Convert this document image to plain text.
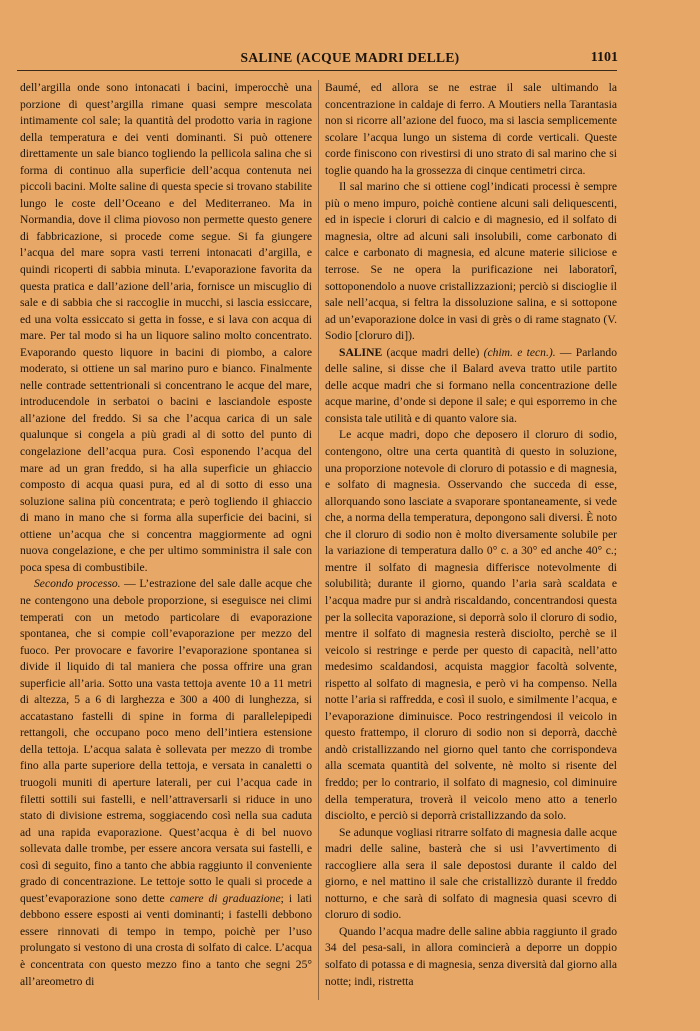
SALINE (ACQUE MADRI DELLE)	1101

dell’argilla onde sono intonacati i bacini, imperocchè una porzione di quest’argilla rimane quasi sempre mescolata intimamente col sale; la quantità del prodotto varia in ragione della temperatura e dei venti dominanti. Si può ottenere direttamente un sale bianco togliendo la pellicola salina che si forma di continuo alla superficie dell’acqua contenuta nei piccoli bacini. Molte saline di questa specie si trovano stabilite lungo le coste dell’Oceano e del Mediterraneo. Ma in Normandia, dove il clima piovoso non permette questo genere di fabbricazione, si procede come segue. Si fa giungere l’acqua del mare sopra vasti terreni intonacati d’argilla, e quindi ricoperti di sabbia minuta. L’evaporazione favorita da questa pratica e dall’azione dell’aria, fornisce un miscuglio di sale e di sabbia che si raccoglie in mucchi, si lascia essiccare, ed una volta essiccato si getta in fosse, e si lava con acqua di mare. Per tal modo si ha un liquore salino molto concentrato. Evaporando questo liquore in bacini di piombo, a calore moderato, si ottiene un sal marino puro e bianco. Finalmente nelle contrade settentrionali si concentrano le acque del mare, introducendole in serbatoi o bacini e lasciandole esposte all’azione del freddo. Si sa che l’acqua carica di un sale qualunque si congela a più gradi al di sotto del punto di congelazione dell’acqua pura. Così esponendo l’acqua del mare ad un gran freddo, si ha alla superficie un ghiaccio composto di acqua quasi pura, ed al di sotto di esso una soluzione salina più concentrata; e però togliendo il ghiaccio di mano in mano che si forma alla superficie dei bacini, si ottiene un’acqua che si concentra maggiormente ad ogni nuova congelazione, e che per ultimo somministra il sale con poca spesa di combustibile.

Secondo processo. — L’estrazione del sale dalle acque che ne contengono una debole proporzione, si eseguisce nei climi temperati con un metodo particolare di evaporazione spontanea, che si compie coll’evaporazione per mezzo del fuoco. Per provocare e favorire l’evaporazione spontanea si divide il liquido di tal maniera che possa offrire una gran superficie all’aria. Sotto una vasta tettoja avente 10 a 11 metri di altezza, 5 a 6 di larghezza e 300 a 400 di lunghezza, si accatastano fastelli di spine in forma di parallelepipedi rettangoli, che occupano poco meno dell’intiera estensione della tettoja. L’acqua salata è sollevata per mezzo di trombe fino alla parte superiore della tettoja, e versata in canaletti o truogoli muniti di aperture laterali, per cui l’acqua cade in filetti sottili sui fastelli, e nell’attraversarli si riduce in uno stato di divisione estrema, soggiacendo così nella sua caduta ad una rapida evaporazione. Quest’acqua è di bel nuovo sollevata dalle trombe, per essere ancora versata sui fastelli, e così di seguito, fino a tanto che abbia raggiunto il conveniente grado di concentrazione. Le tettoje sotto le quali si procede a quest’evaporazione sono dette camere di graduazione; i lati debbono essere esposti ai venti dominanti; i fastelli debbono essere rinnovati di tempo in tempo, poichè per l’uso prolungato si vestono di una crosta di solfato di calce. L’acqua è concentrata con questo mezzo fino a tanto che segni 25° all’areometro di

Baumé, ed allora se ne estrae il sale ultimando la concentrazione in caldaje di ferro. A Moutiers nella Tarantasia non si ricorre all’azione del fuoco, ma si lascia semplicemente scolare l’acqua lungo un sistema di corde verticali. Queste corde finiscono con rivestirsi di uno strato di sal marino che si toglie quando ha la grossezza di cinque centimetri circa.

Il sal marino che si ottiene cogl’indicati processi è sempre più o meno impuro, poichè contiene alcuni sali deliquescenti, ed in ispecie i cloruri di calcio e di magnesio, ed il solfato di magnesia, oltre ad alcuni sali insolubili, come carbonato di calce e carbonato di magnesia, ed alcune materie siliciose e terrose. Se ne opera la purificazione nei laboratorî, sottoponendolo a nuove cristallizzazioni; perciò si discioglie il sale nell’acqua, si feltra la dissoluzione salina, e si sottopone ad un’evaporazione dolce in vasi di grès o di rame stagnato (V. Sodio [cloruro di]).

SALINE (acque madri delle) (chim. e tecn.). — Parlando delle saline, si disse che il Balard aveva tratto utile partito delle acque madri che si formano nella concentrazione delle acque marine, d’onde si depone il sale; e qui esporremo in che consista tale utilità e di quanto valore sia.

Le acque madri, dopo che deposero il cloruro di sodio, contengono, oltre una certa quantità di questo in soluzione, una proporzione notevole di cloruro di potassio e di magnesia, e solfato di magnesia. Osservando che succeda di esse, allorquando sono lasciate a svaporare spontaneamente, si vede che, a norma della temperatura, depongono sali diversi. È noto che il cloruro di sodio non è molto diversamente solubile per la variazione di temperatura dallo 0° c. a 30° ed anche 40° c.; mentre il solfato di magnesia differisce notevolmente di solubilità; durante il giorno, quando l’aria sarà scaldata e l’acqua madre pur si andrà riscaldando, concentrandosi questa per la sollecita vaporazione, si deporrà solo il cloruro di sodio, mentre il solfato di magnesia resterà disciolto, perchè se il veicolo si restringe e perde per questo di capacità, nell’atto medesimo scaldandosi, acquista maggior facoltà solvente, rispetto al solfato di magnesia, e però vi ha compenso. Nella notte l’aria si raffredda, e così il suolo, e similmente l’acqua, e l’evaporazione diminuisce. Poco restringendosi il veicolo in questo frattempo, il cloruro di sodio non si deporrà, dacchè andò cristallizzando nel giorno quel tanto che corrispondeva alla scemata quantità del solvente, nè molto si risente del freddo; per lo contrario, il solfato di magnesio, col diminuire della temperatura, troverà il veicolo meno atto a tenerlo disciolto, e perciò si deporrà cristallizzando da solo.

Se adunque vogliasi ritrarre solfato di magnesia dalle acque madri delle saline, basterà che si usi l’avvertimento di raccogliere alla sera il sale depostosi durante il caldo del giorno, e nel mattino il sale che cristallizzò durante il freddo notturno, e che sarà di solfato di magnesia quasi scevro di cloruro di sodio.

Quando l’acqua madre delle saline abbia raggiunto il grado 34 del pesa-sali, in allora comincierà a deporre un doppio solfato di potassa e di magnesia, senza diversità dal giorno alla notte; indi, ristretta
